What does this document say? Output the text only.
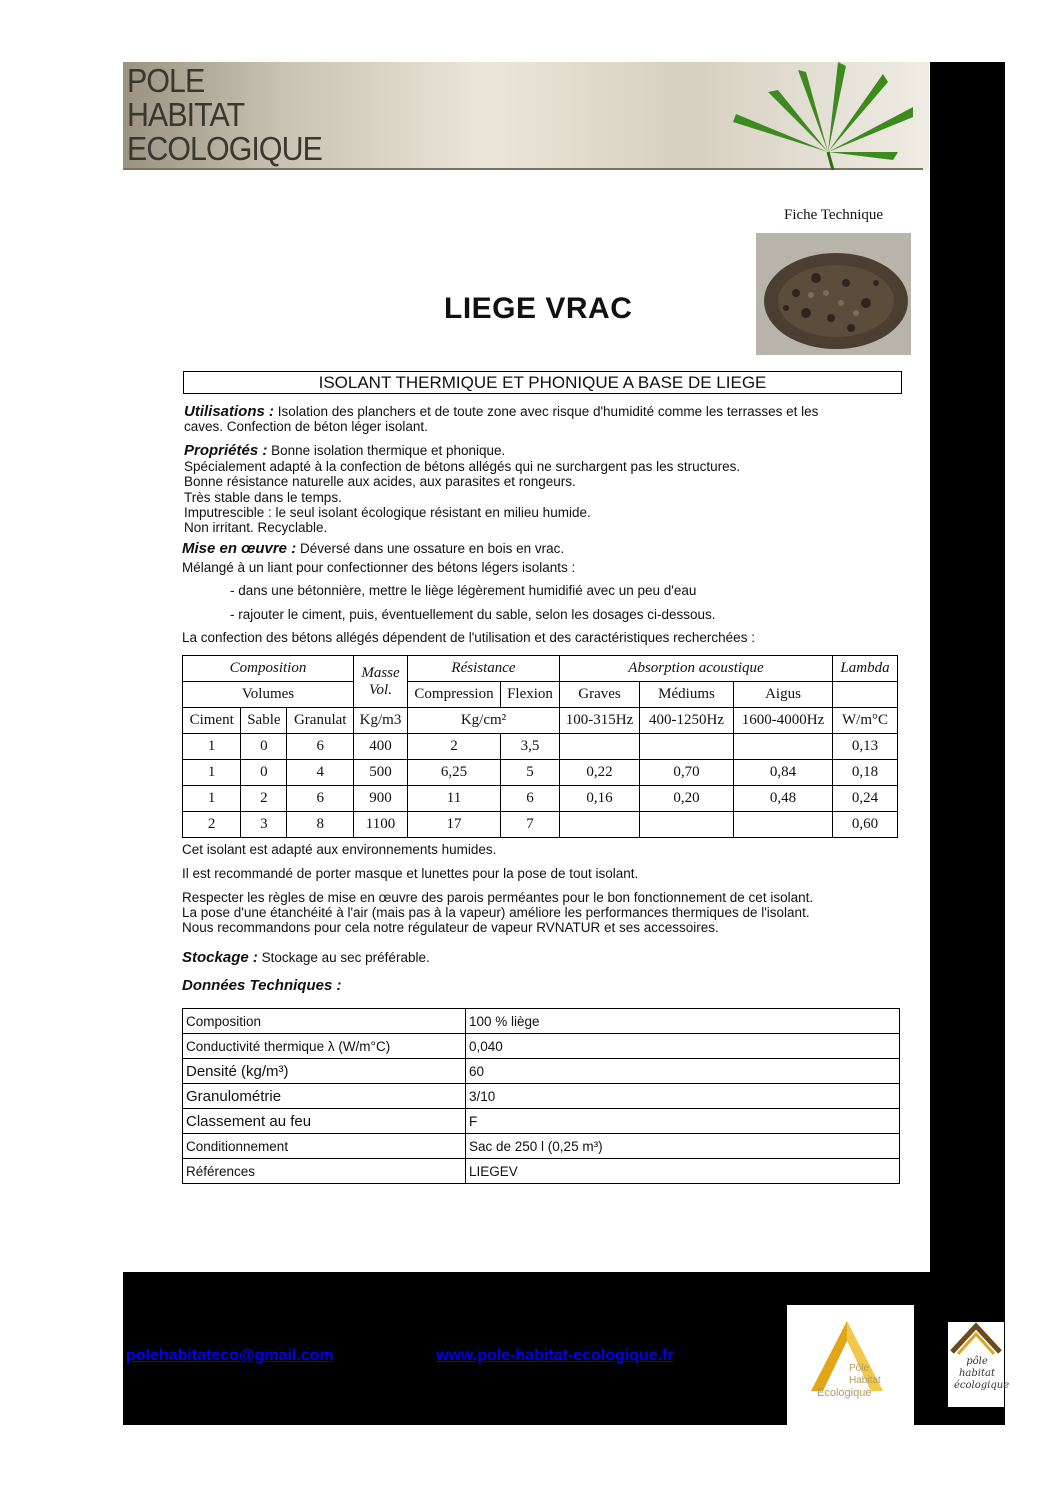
POLE
HABITAT
ECOLOGIQUE
Fiche Technique
LIEGE VRAC
ISOLANT THERMIQUE ET PHONIQUE A BASE DE LIEGE
Utilisations : Isolation des planchers et de toute zone avec risque d'humidité comme les terrasses et les
caves. Confection de béton léger isolant.
Propriétés : Bonne isolation thermique et phonique.
Spécialement adapté à la confection de bétons allégés qui ne surchargent pas les structures.
Bonne résistance naturelle aux acides, aux parasites et rongeurs.
Très stable dans le temps.
Imputrescible : le seul isolant écologique résistant en milieu humide.
Non irritant. Recyclable.
Mise en œuvre : Déversé dans une ossature en bois en vrac.
Mélangé à un liant pour confectionner des bétons légers isolants :
- dans une bétonnière, mettre le liège légèrement humidifié avec un peu d'eau
- rajouter le ciment, puis, éventuellement du sable, selon les dosages ci-dessous.
La confection des bétons allégés dépendent de l'utilisation et des caractéristiques recherchées :
Composition			Masse Vol.	Résistance		Absorption acoustique			Lambda
Volumes				Compression	Flexion	Graves	Médiums	Aigus	
Ciment	Sable	Granulat	Kg/m3	Kg/cm²		100-315Hz	400-1250Hz	1600-4000Hz	W/m°C
1	0	6	400	2	3,5				0,13
1	0	4	500	6,25	5	0,22	0,70	0,84	0,18
1	2	6	900	11	6	0,16	0,20	0,48	0,24
2	3	8	1100	17	7				0,60
Cet isolant est adapté aux environnements humides.
Il est recommandé de porter masque et lunettes pour la pose de tout isolant.
Respecter les règles de mise en œuvre des parois perméantes pour le bon fonctionnement de cet isolant.
La pose d'une étanchéité à l'air (mais pas à la vapeur) améliore les performances thermiques de l'isolant.
Nous recommandons pour cela notre régulateur de vapeur RVNATUR et ses accessoires.
Stockage : Stockage au sec préférable.
Données Techniques :
Composition	100 % liège
Conductivité thermique λ (W/m°C)	0,040
Densité (kg/m³)	60
Granulométrie	3/10
Classement au feu	F
Conditionnement	Sac de 250 l (0,25 m³)
Références	LIEGEV
polehabitateco@gmail.com	www.pole-habitat-ecologique.fr
Pôle
Habitat
Écologique
pôle
habitat
écologique
